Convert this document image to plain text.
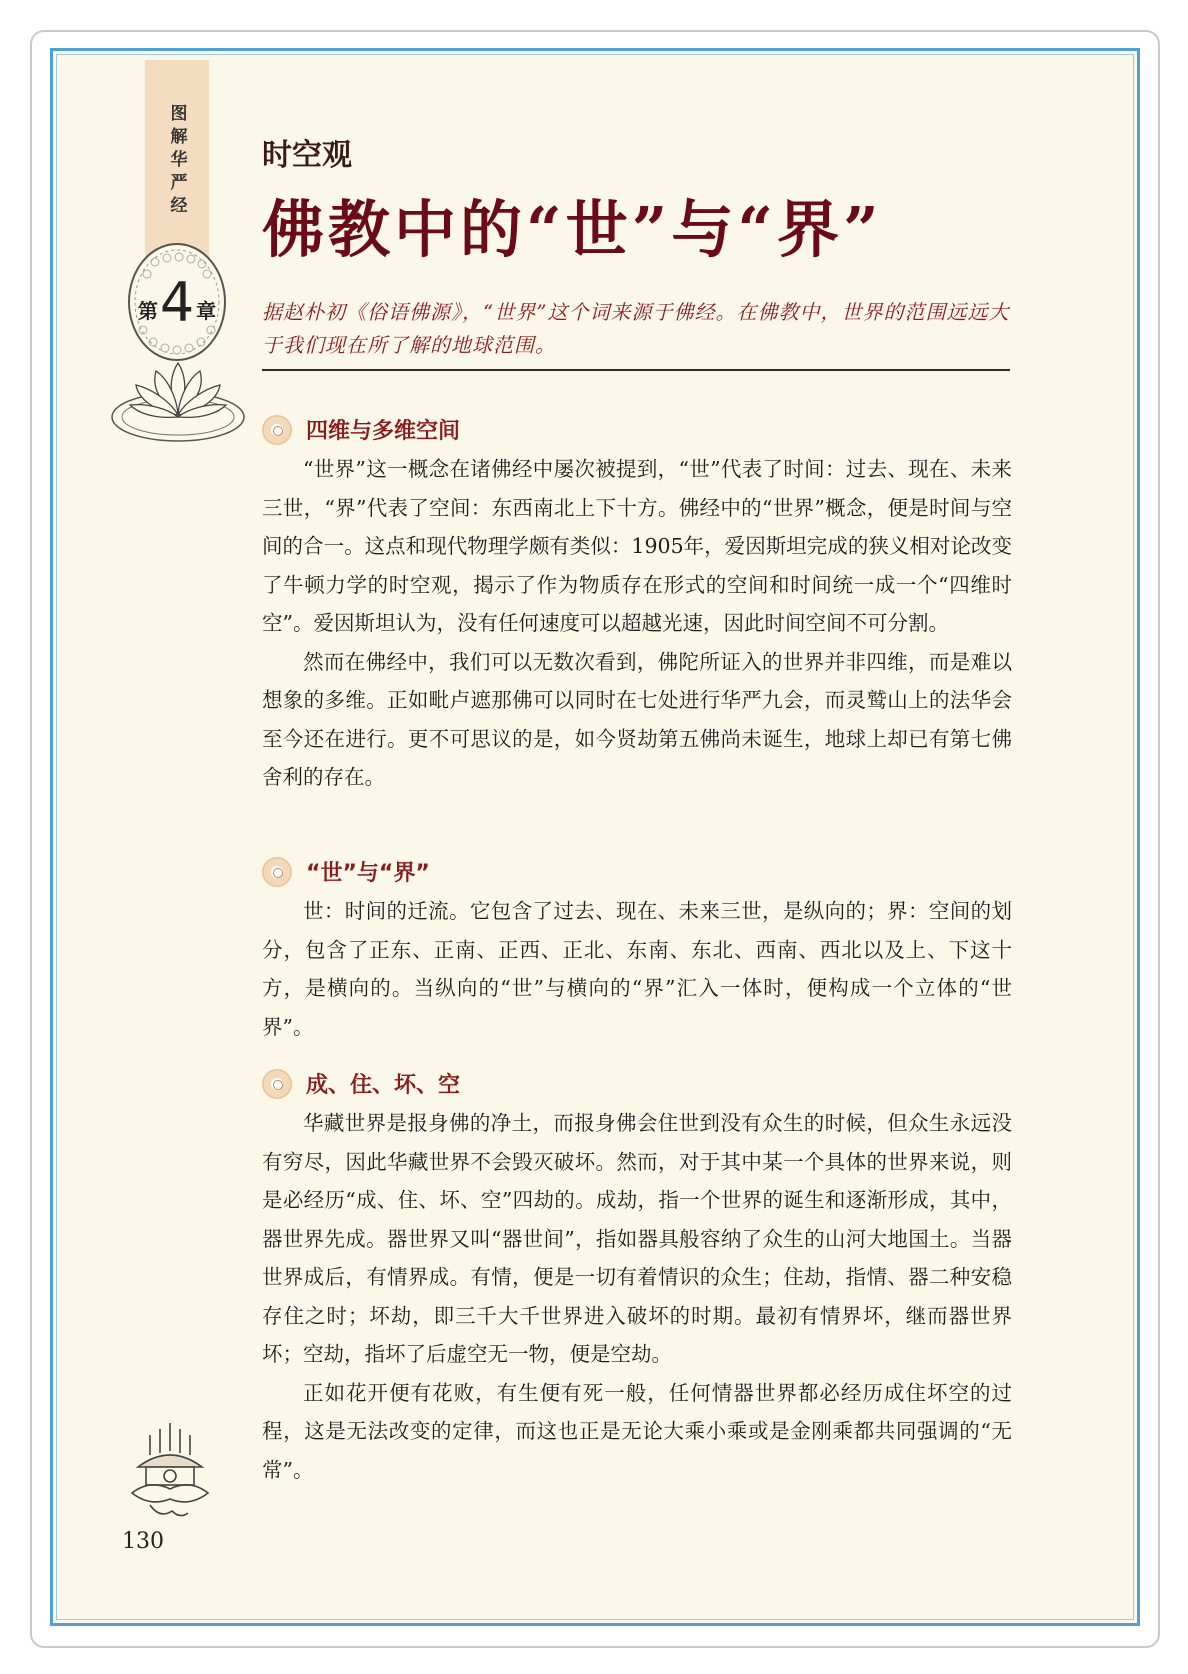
图解华严经
第 4 章
时空观
佛教中的“世”与“界”
据赵朴初《俗语佛源》，“世界”这个词来源于佛经。在佛教中，世界的范围远远大于我们现在所了解的地球范围。
四维与多维空间

“世界”这一概念在诸佛经中屡次被提到，“世”代表了时间：过去、现在、未来三世，“界”代表了空间：东西南北上下十方。佛经中的“世界”概念，便是时间与空间的合一。这点和现代物理学颇有类似：1905年，爱因斯坦完成的狭义相对论改变了牛顿力学的时空观，揭示了作为物质存在形式的空间和时间统一成一个“四维时空”。爱因斯坦认为，没有任何速度可以超越光速，因此时间空间不可分割。

然而在佛经中，我们可以无数次看到，佛陀所证入的世界并非四维，而是难以想象的多维。正如毗卢遮那佛可以同时在七处进行华严九会，而灵鹫山上的法华会至今还在进行。更不可思议的是，如今贤劫第五佛尚未诞生，地球上却已有第七佛舍利的存在。

“世”与“界”

世：时间的迁流。它包含了过去、现在、未来三世，是纵向的；界：空间的划分，包含了正东、正南、正西、正北、东南、东北、西南、西北以及上、下这十方，是横向的。当纵向的“世”与横向的“界”汇入一体时，便构成一个立体的“世界”。

成、住、坏、空

华藏世界是报身佛的净土，而报身佛会住世到没有众生的时候，但众生永远没有穷尽，因此华藏世界不会毁灭破坏。然而，对于其中某一个具体的世界来说，则是必经历“成、住、坏、空”四劫的。成劫，指一个世界的诞生和逐渐形成，其中，器世界先成。器世界又叫“器世间”，指如器具般容纳了众生的山河大地国土。当器世界成后，有情界成。有情，便是一切有着情识的众生；住劫，指情、器二种安稳存住之时；坏劫，即三千大千世界进入破坏的时期。最初有情界坏，继而器世界坏；空劫，指坏了后虚空无一物，便是空劫。

正如花开便有花败，有生便有死一般，任何情器世界都必经历成住坏空的过程，这是无法改变的定律，而这也正是无论大乘小乘或是金刚乘都共同强调的“无常”。

130
